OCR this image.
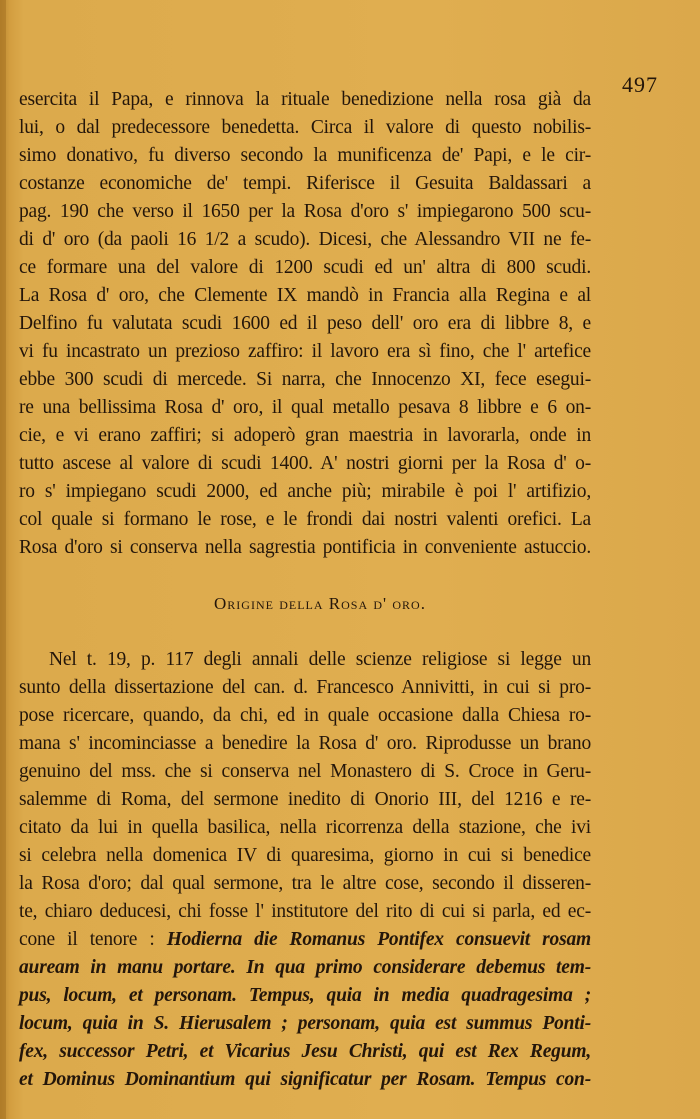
497
esercita il Papa, e rinnova la rituale benedizione nella rosa già da
lui, o dal predecessore benedetta. Circa il valore di questo nobilis-
simo donativo, fu diverso secondo la munificenza de' Papi, e le cir-
costanze economiche de' tempi. Riferisce il Gesuita Baldassari a
pag. 190 che verso il 1650 per la Rosa d'oro s' impiegarono 500 scu-
di d' oro (da paoli 16 1/2 a scudo). Dicesi, che Alessandro VII ne fe-
ce formare una del valore di 1200 scudi ed un' altra di 800 scudi.
La Rosa d' oro, che Clemente IX mandò in Francia alla Regina e al
Delfino fu valutata scudi 1600 ed il peso dell' oro era di libbre 8, e
vi fu incastrato un prezioso zaffiro: il lavoro era sì fino, che l' artefice
ebbe 300 scudi di mercede. Si narra, che Innocenzo XI, fece esegui-
re una bellissima Rosa d' oro, il qual metallo pesava 8 libbre e 6 on-
cie, e vi erano zaffiri; si adoperò gran maestria in lavorarla, onde in
tutto ascese al valore di scudi 1400. A' nostri giorni per la Rosa d' o-
ro s' impiegano scudi 2000, ed anche più; mirabile è poi l' artifizio,
col quale si formano le rose, e le frondi dai nostri valenti orefici. La
Rosa d'oro si conserva nella sagrestia pontificia in conveniente astuccio.
Origine della Rosa d' oro.
Nel t. 19, p. 117 degli annali delle scienze religiose si legge un
sunto della dissertazione del can. d. Francesco Annivitti, in cui si pro-
pose ricercare, quando, da chi, ed in quale occasione dalla Chiesa ro-
mana s' incominciasse a benedire la Rosa d' oro. Riprodusse un brano
genuino del mss. che si conserva nel Monastero di S. Croce in Geru-
salemme di Roma, del sermone inedito di Onorio III, del 1216 e re-
citato da lui in quella basilica, nella ricorrenza della stazione, che ivi
si celebra nella domenica IV di quaresima, giorno in cui si benedice
la Rosa d'oro; dal qual sermone, tra le altre cose, secondo il disseren-
te, chiaro deducesi, chi fosse l' institutore del rito di cui si parla, ed ec-
cone il tenore : Hodierna die Romanus Pontifex consuevit rosam
auream in manu portare. In qua primo considerare debemus tem-
pus, locum, et personam. Tempus, quia in media quadragesima ;
locum, quia in S. Hierusalem ; personam, quia est summus Ponti-
fex, successor Petri, et Vicarius Jesu Christi, qui est Rex Regum,
et Dominus Dominantium qui significatur per Rosam. Tempus con-
